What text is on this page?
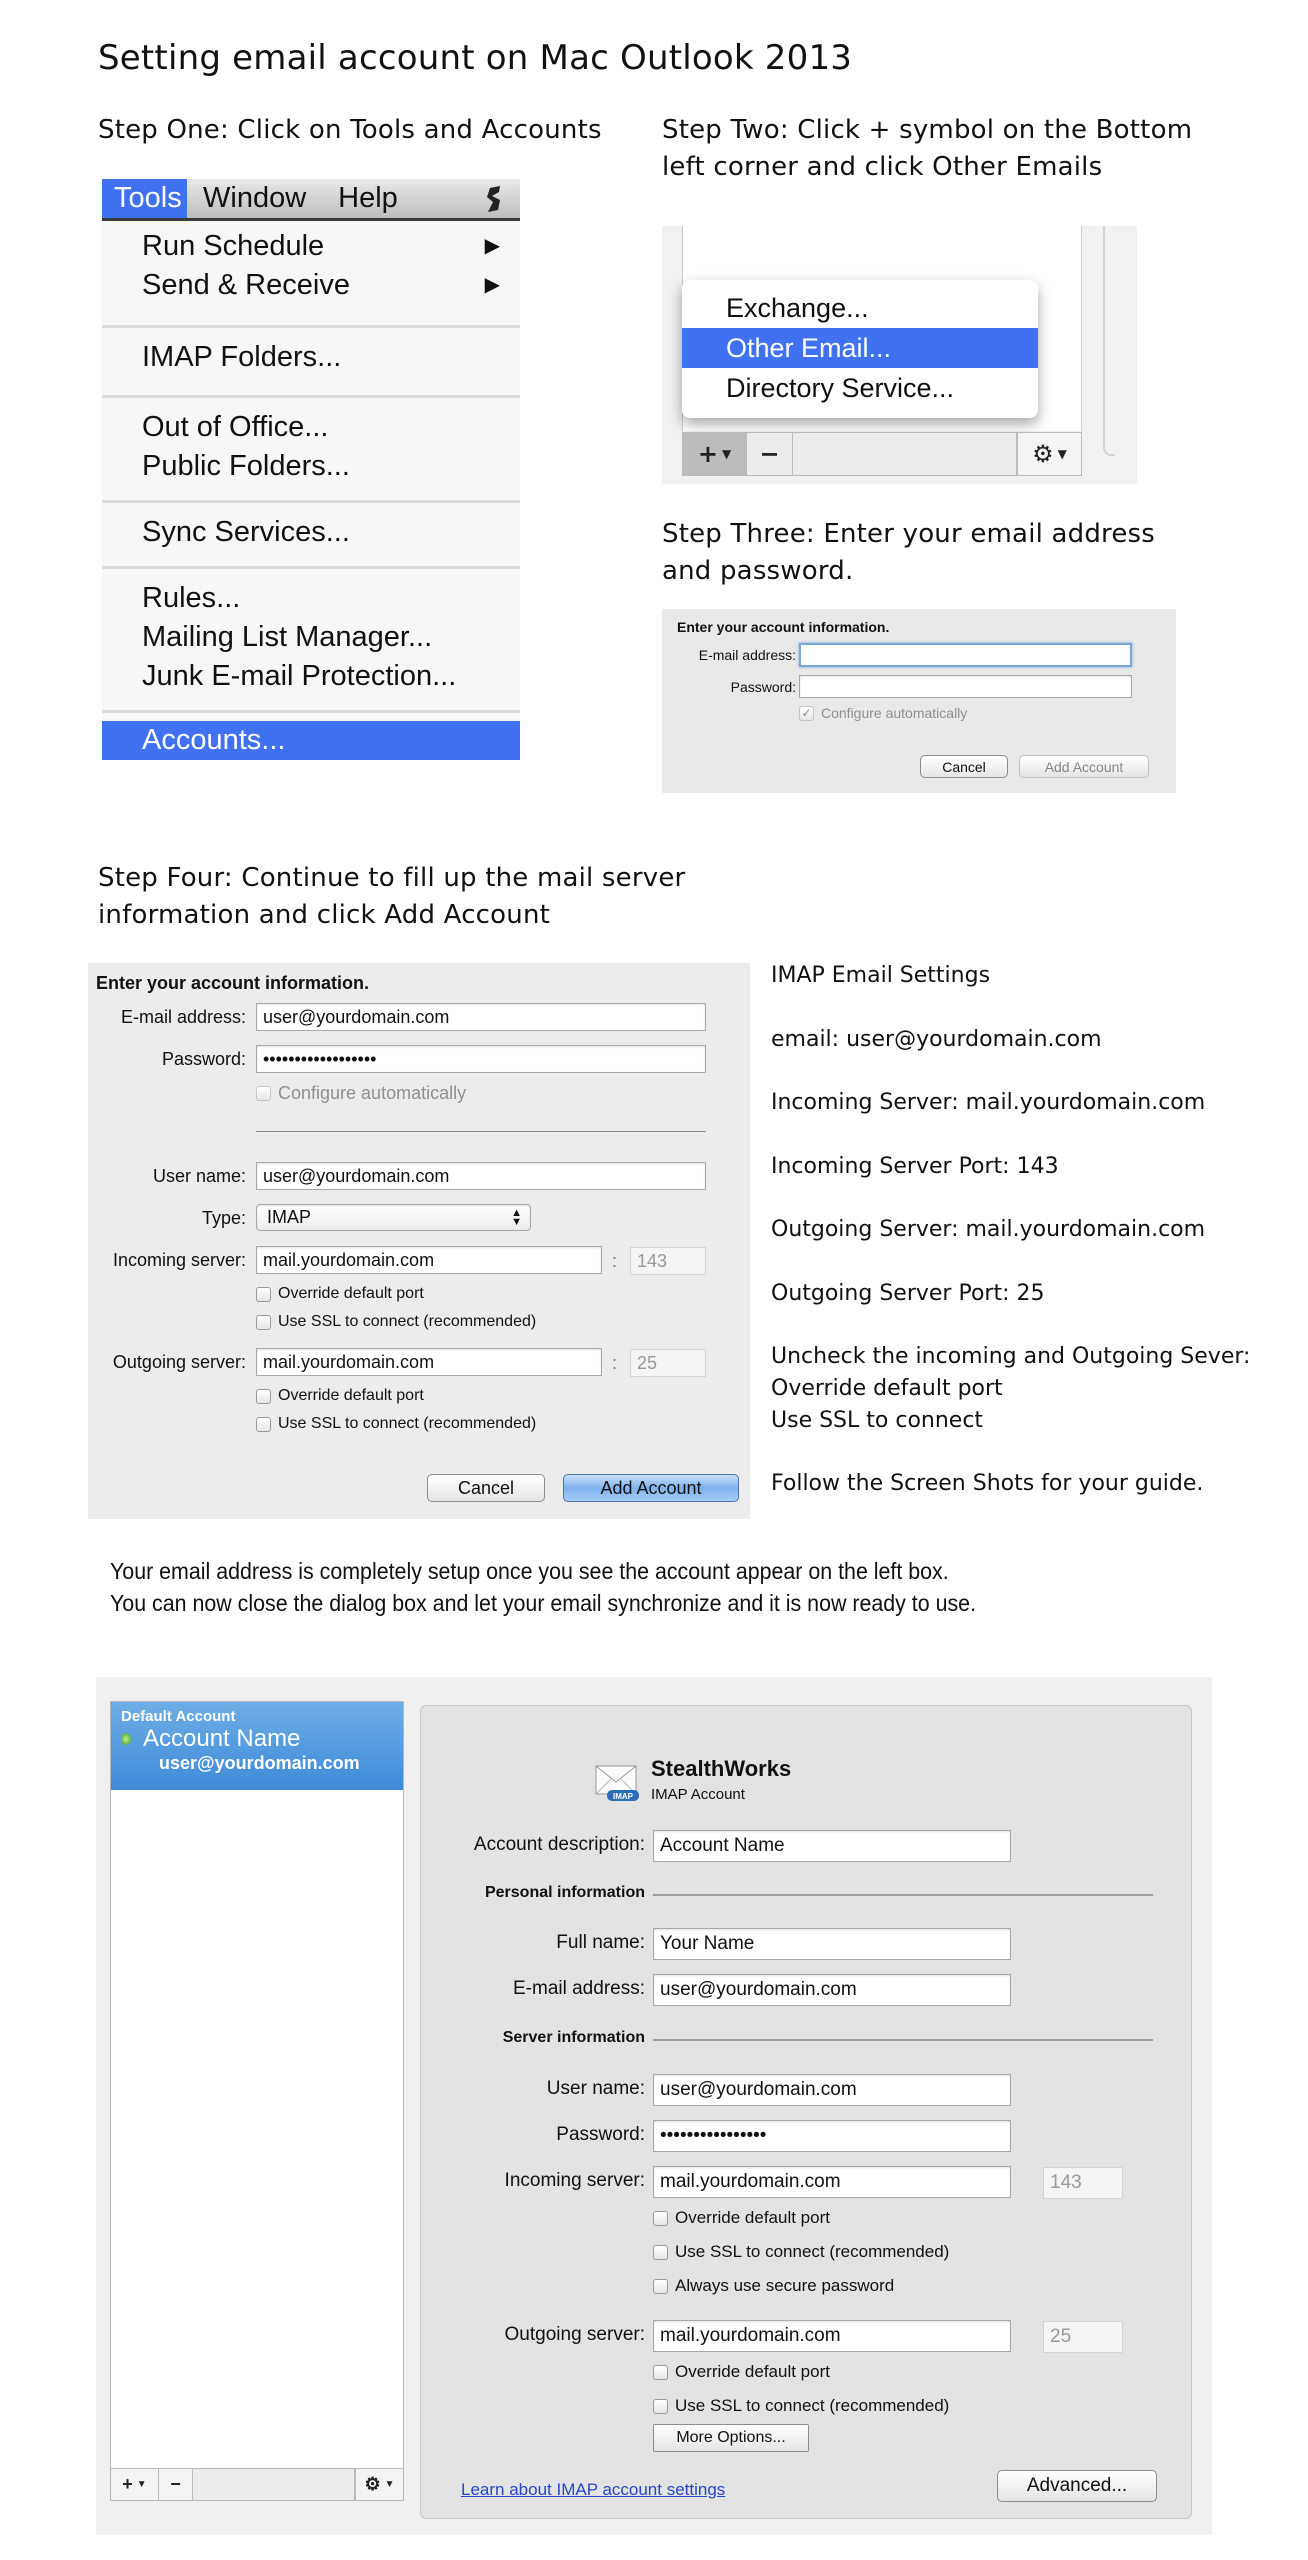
Setting email account on Mac Outlook 2013
Step One: Click on Tools and Accounts
Tools Window	Help
Run Schedule	▶
Send & Receive	▶
IMAP Folders...
Out of Office...
Public Folders...
Sync Services...
Rules...
Mailing List Manager...
Junk E-mail Protection...
Accounts...
Step Two: Click + symbol on the Bottom
left corner and click Other Emails
Exchange...
Other Email...
Directory Service...
+ ▼ −	⚙ ▼
Step Three: Enter your email address
and password.
Enter your account information.
E-mail address:
Password:
✓ Configure automatically
Cancel	Add Account
Step Four: Continue to fill up the mail server
information and click Add Account
Enter your account information.
E-mail address: user@yourdomain.com
Password: ••••••••••••••••••
Configure automatically
User name: user@yourdomain.com
Type: IMAP	▲
▼
Incoming server: mail.yourdomain.com	:	143
Override default port
Use SSL to connect (recommended)
Outgoing server: mail.yourdomain.com	:	25
Override default port
Use SSL to connect (recommended)
Cancel	Add Account

IMAP Email Settings

email: user@yourdomain.com

Incoming Server: mail.yourdomain.com

Incoming Server Port: 143

Outgoing Server: mail.yourdomain.com

Outgoing Server Port: 25

Uncheck the incoming and Outgoing Sever:
Override default port
Use SSL to connect

Follow the Screen Shots for your guide.

Your email address is completely setup once you see the account appear on the left box.
You can now close the dialog box and let your email synchronize and it is now ready to use.
Default Account
Account Name
user@yourdomain.com
+ ▼ −	⚙ ▼
IMAP
StealthWorks
IMAP Account
Account description: Account Name
Personal information
Full name: Your Name
E-mail address: user@yourdomain.com
Server information
User name: user@yourdomain.com
Password: ••••••••••••••••
Incoming server: mail.yourdomain.com	143
Override default port
Use SSL to connect (recommended)
Always use secure password
Outgoing server: mail.yourdomain.com	25
Override default port
Use SSL to connect (recommended)
More Options...
Learn about IMAP account settings	Advanced...
